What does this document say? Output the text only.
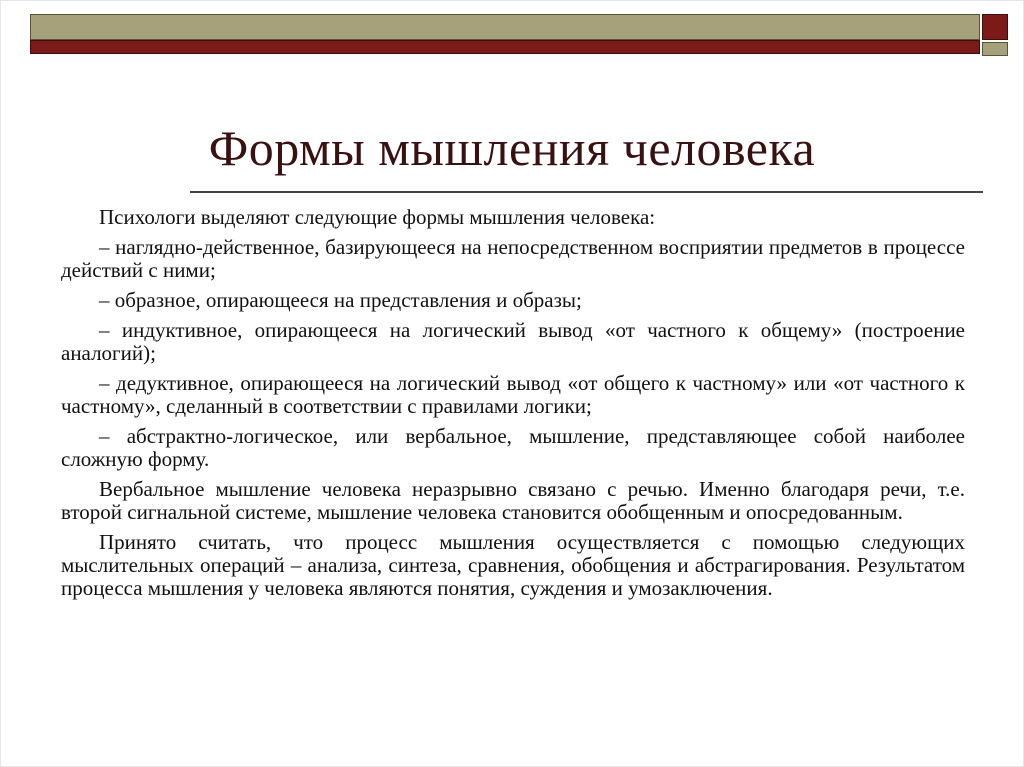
Формы мышления человека

Психологи выделяют следующие формы мышления человека:

– наглядно-действенное, базирующееся на непосредственном восприятии предметов в процессе действий с ними;

– образное, опирающееся на представления и образы;

– индуктивное, опирающееся на логический вывод «от частного к общему» (построение аналогий);

– дедуктивное, опирающееся на логический вывод «от общего к частному» или «от частного к частному», сделанный в соответствии с правилами логики;

– абстрактно-логическое, или вербальное, мышление, представляющее собой наиболее сложную форму.

Вербальное мышление человека неразрывно связано с речью. Именно благодаря речи, т.е. второй сигнальной системе, мышление человека становится обобщенным и опосредованным.

Принято считать, что процесс мышления осуществляется с помощью следующих мыслительных операций – анализа, синтеза, сравнения, обобщения и абстрагирования. Результатом процесса мышления у человека являются понятия, суждения и умозаключения.
